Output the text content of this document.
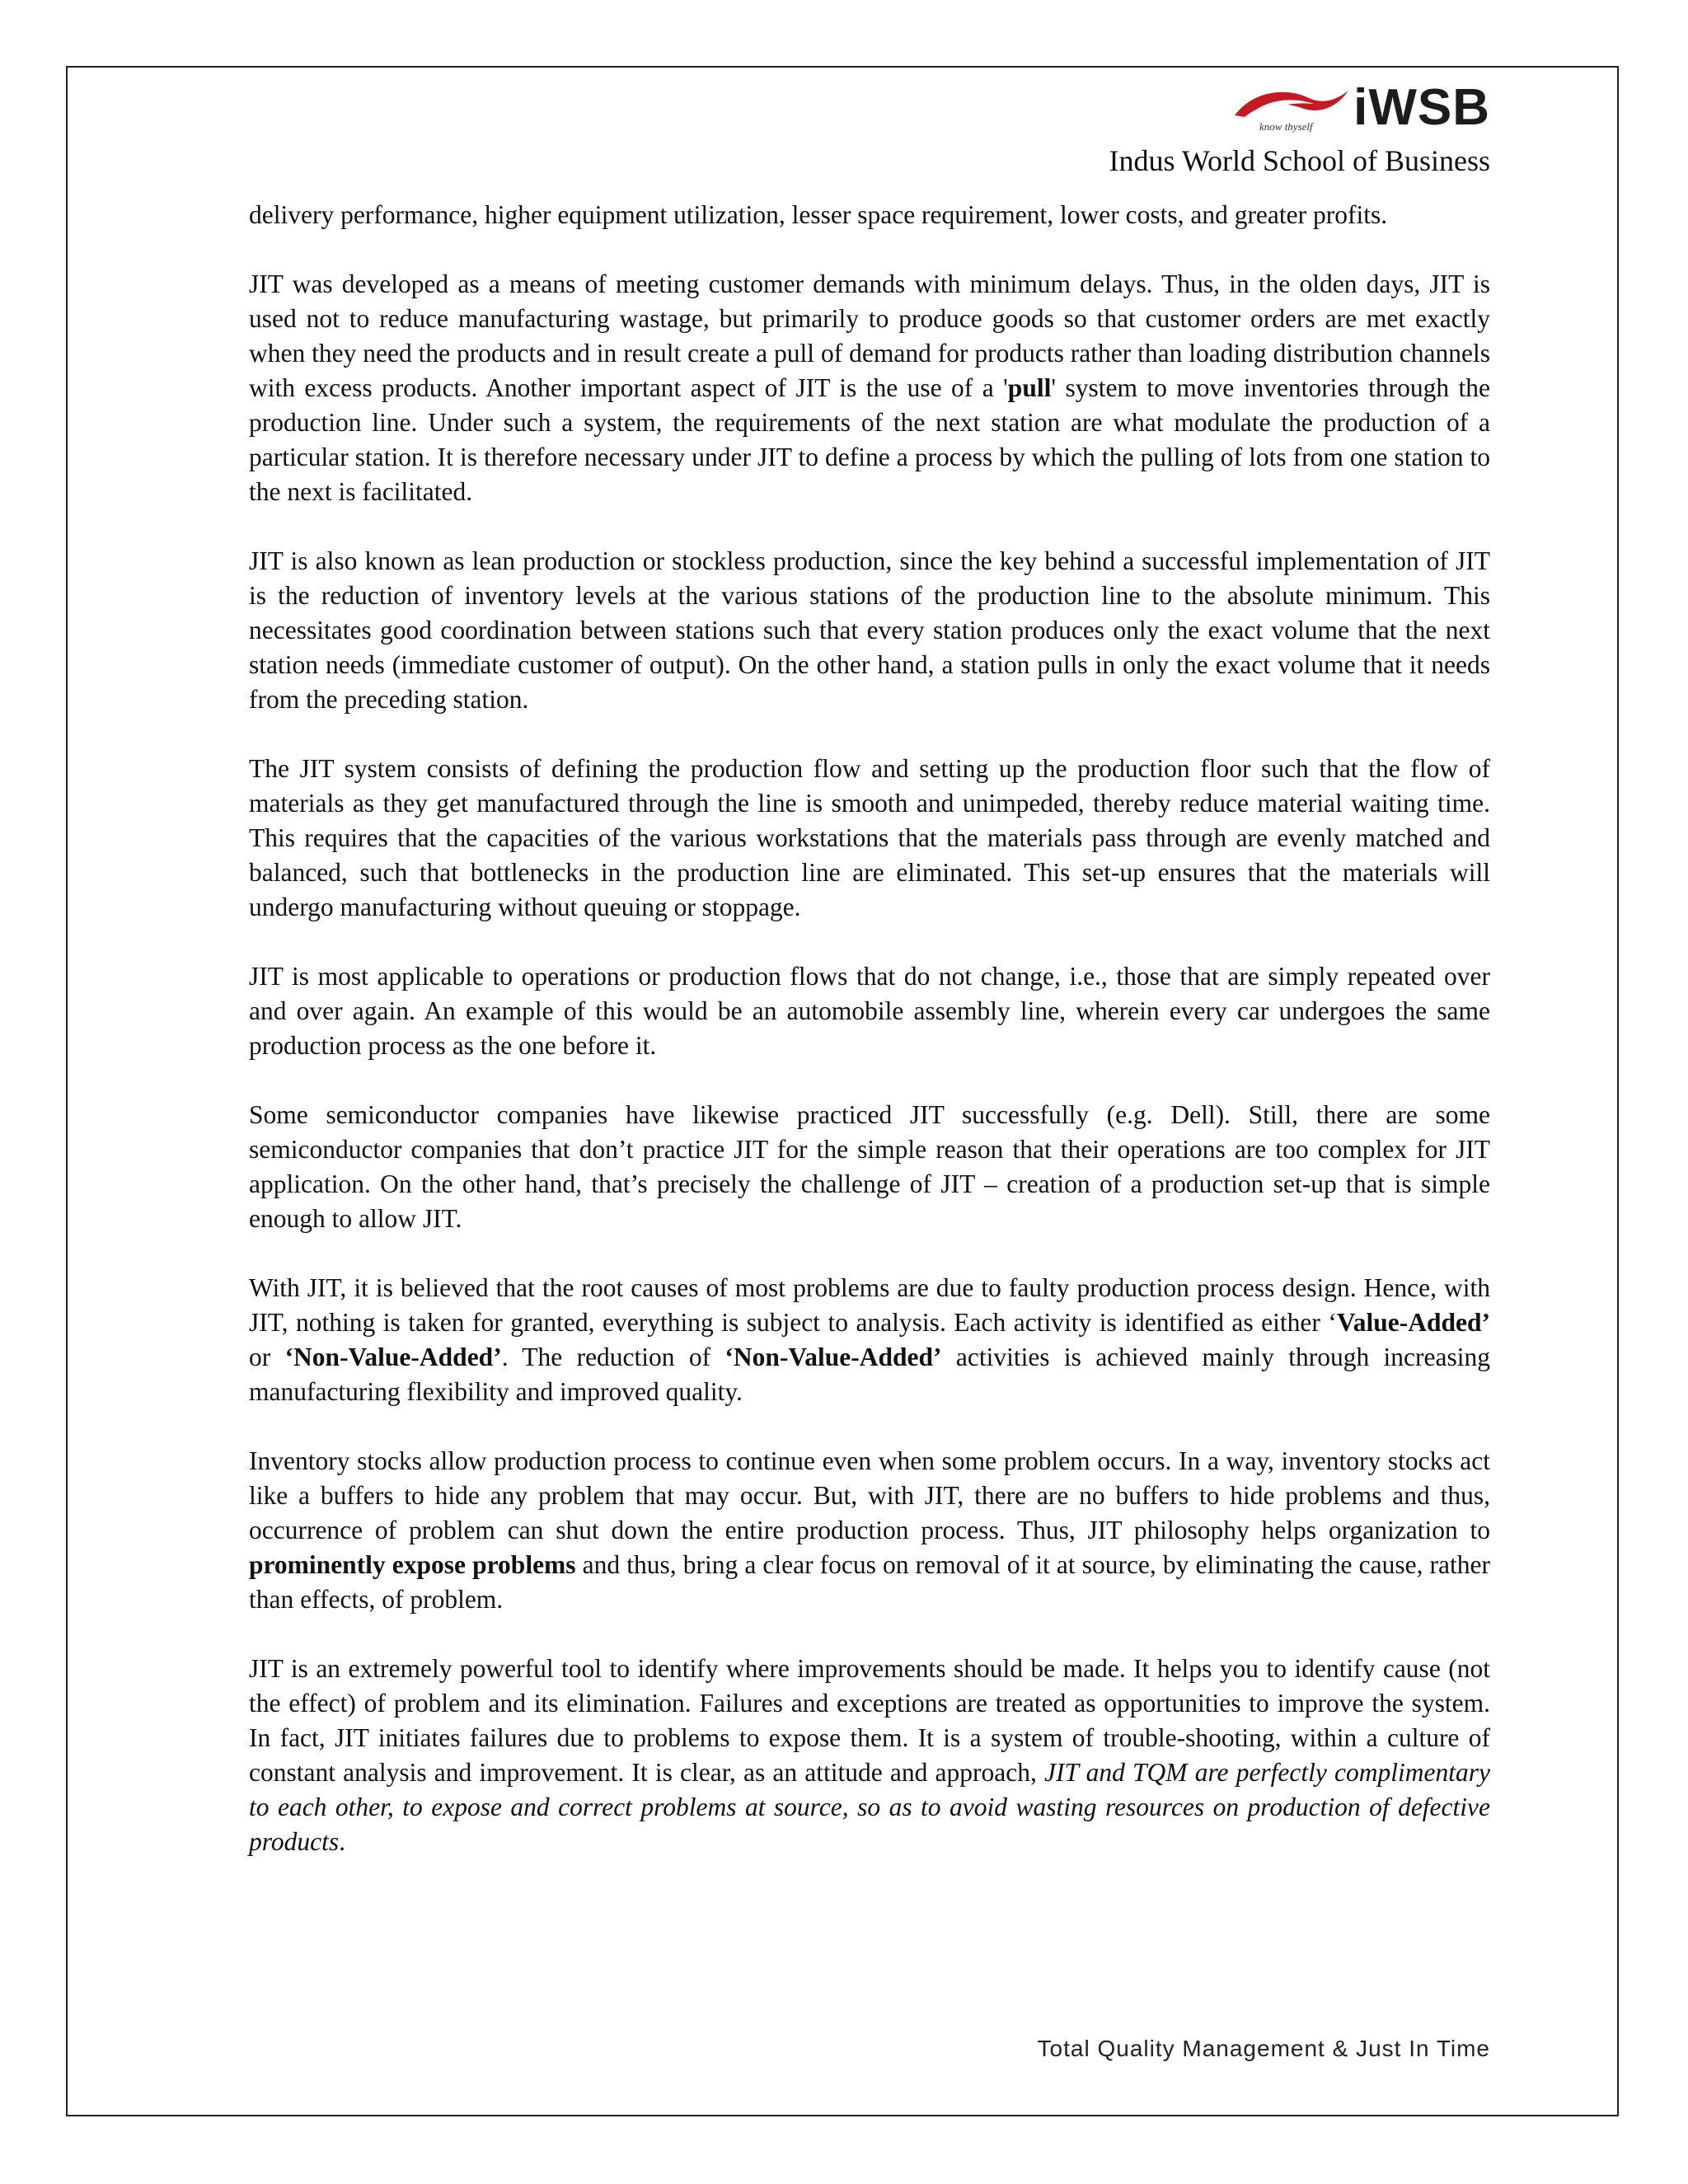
know thyself iWSB
Indus World School of Business

delivery performance, higher equipment utilization, lesser space requirement, lower costs, and greater profits.

JIT was developed as a means of meeting customer demands with minimum delays. Thus, in the olden days, JIT is used not to reduce manufacturing wastage, but primarily to produce goods so that customer orders are met exactly when they need the products and in result create a pull of demand for products rather than loading distribution channels with excess products. Another important aspect of JIT is the use of a 'pull' system to move inventories through the production line. Under such a system, the requirements of the next station are what modulate the production of a particular station. It is therefore necessary under JIT to define a process by which the pulling of lots from one station to the next is facilitated.

JIT is also known as lean production or stockless production, since the key behind a successful implementation of JIT is the reduction of inventory levels at the various stations of the production line to the absolute minimum. This necessitates good coordination between stations such that every station produces only the exact volume that the next station needs (immediate customer of output). On the other hand, a station pulls in only the exact volume that it needs from the preceding station.

The JIT system consists of defining the production flow and setting up the production floor such that the flow of materials as they get manufactured through the line is smooth and unimpeded, thereby reduce material waiting time. This requires that the capacities of the various workstations that the materials pass through are evenly matched and balanced, such that bottlenecks in the production line are eliminated. This set-up ensures that the materials will undergo manufacturing without queuing or stoppage.

JIT is most applicable to operations or production flows that do not change, i.e., those that are simply repeated over and over again. An example of this would be an automobile assembly line, wherein every car undergoes the same production process as the one before it.

Some semiconductor companies have likewise practiced JIT successfully (e.g. Dell). Still, there are some semiconductor companies that don’t practice JIT for the simple reason that their operations are too complex for JIT application. On the other hand, that’s precisely the challenge of JIT – creation of a production set-up that is simple enough to allow JIT.

With JIT, it is believed that the root causes of most problems are due to faulty production process design. Hence, with JIT, nothing is taken for granted, everything is subject to analysis. Each activity is identified as either ‘Value-Added’ or ‘Non-Value-Added’. The reduction of ‘Non-Value-Added’ activities is achieved mainly through increasing manufacturing flexibility and improved quality.

Inventory stocks allow production process to continue even when some problem occurs. In a way, inventory stocks act like a buffers to hide any problem that may occur. But, with JIT, there are no buffers to hide problems and thus, occurrence of problem can shut down the entire production process. Thus, JIT philosophy helps organization to prominently expose problems and thus, bring a clear focus on removal of it at source, by eliminating the cause, rather than effects, of problem.

JIT is an extremely powerful tool to identify where improvements should be made. It helps you to identify cause (not the effect) of problem and its elimination. Failures and exceptions are treated as opportunities to improve the system. In fact, JIT initiates failures due to problems to expose them. It is a system of trouble-shooting, within a culture of constant analysis and improvement. It is clear, as an attitude and approach, JIT and TQM are perfectly complimentary to each other, to expose and correct problems at source, so as to avoid wasting resources on production of defective products.

Total Quality Management & Just In Time
